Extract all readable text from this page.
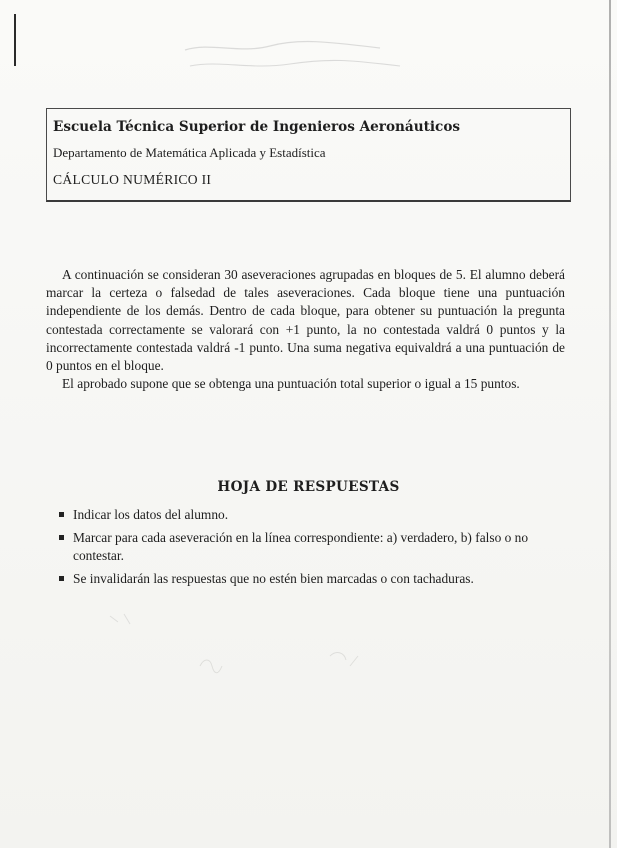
Escuela Técnica Superior de Ingenieros Aeronáuticos
Departamento de Matemática Aplicada y Estadística
CÁLCULO NUMÉRICO II

A continuación se consideran 30 aseveraciones agrupadas en bloques de 5. El alumno deberá marcar la certeza o falsedad de tales aseveraciones. Cada bloque tiene una puntuación independiente de los demás. Dentro de cada bloque, para obtener su puntuación la pregunta contestada correctamente se valorará con +1 punto, la no contestada valdrá 0 puntos y la incorrectamente contestada valdrá -1 punto. Una suma negativa equivaldrá a una puntuación de 0 puntos en el bloque.

El aprobado supone que se obtenga una puntuación total superior o igual a 15 puntos.

HOJA DE RESPUESTAS
Indicar los datos del alumno.
Marcar para cada aseveración en la línea correspondiente: a) verdadero, b) falso o no contestar.
Se invalidarán las respuestas que no estén bien marcadas o con tachaduras.
